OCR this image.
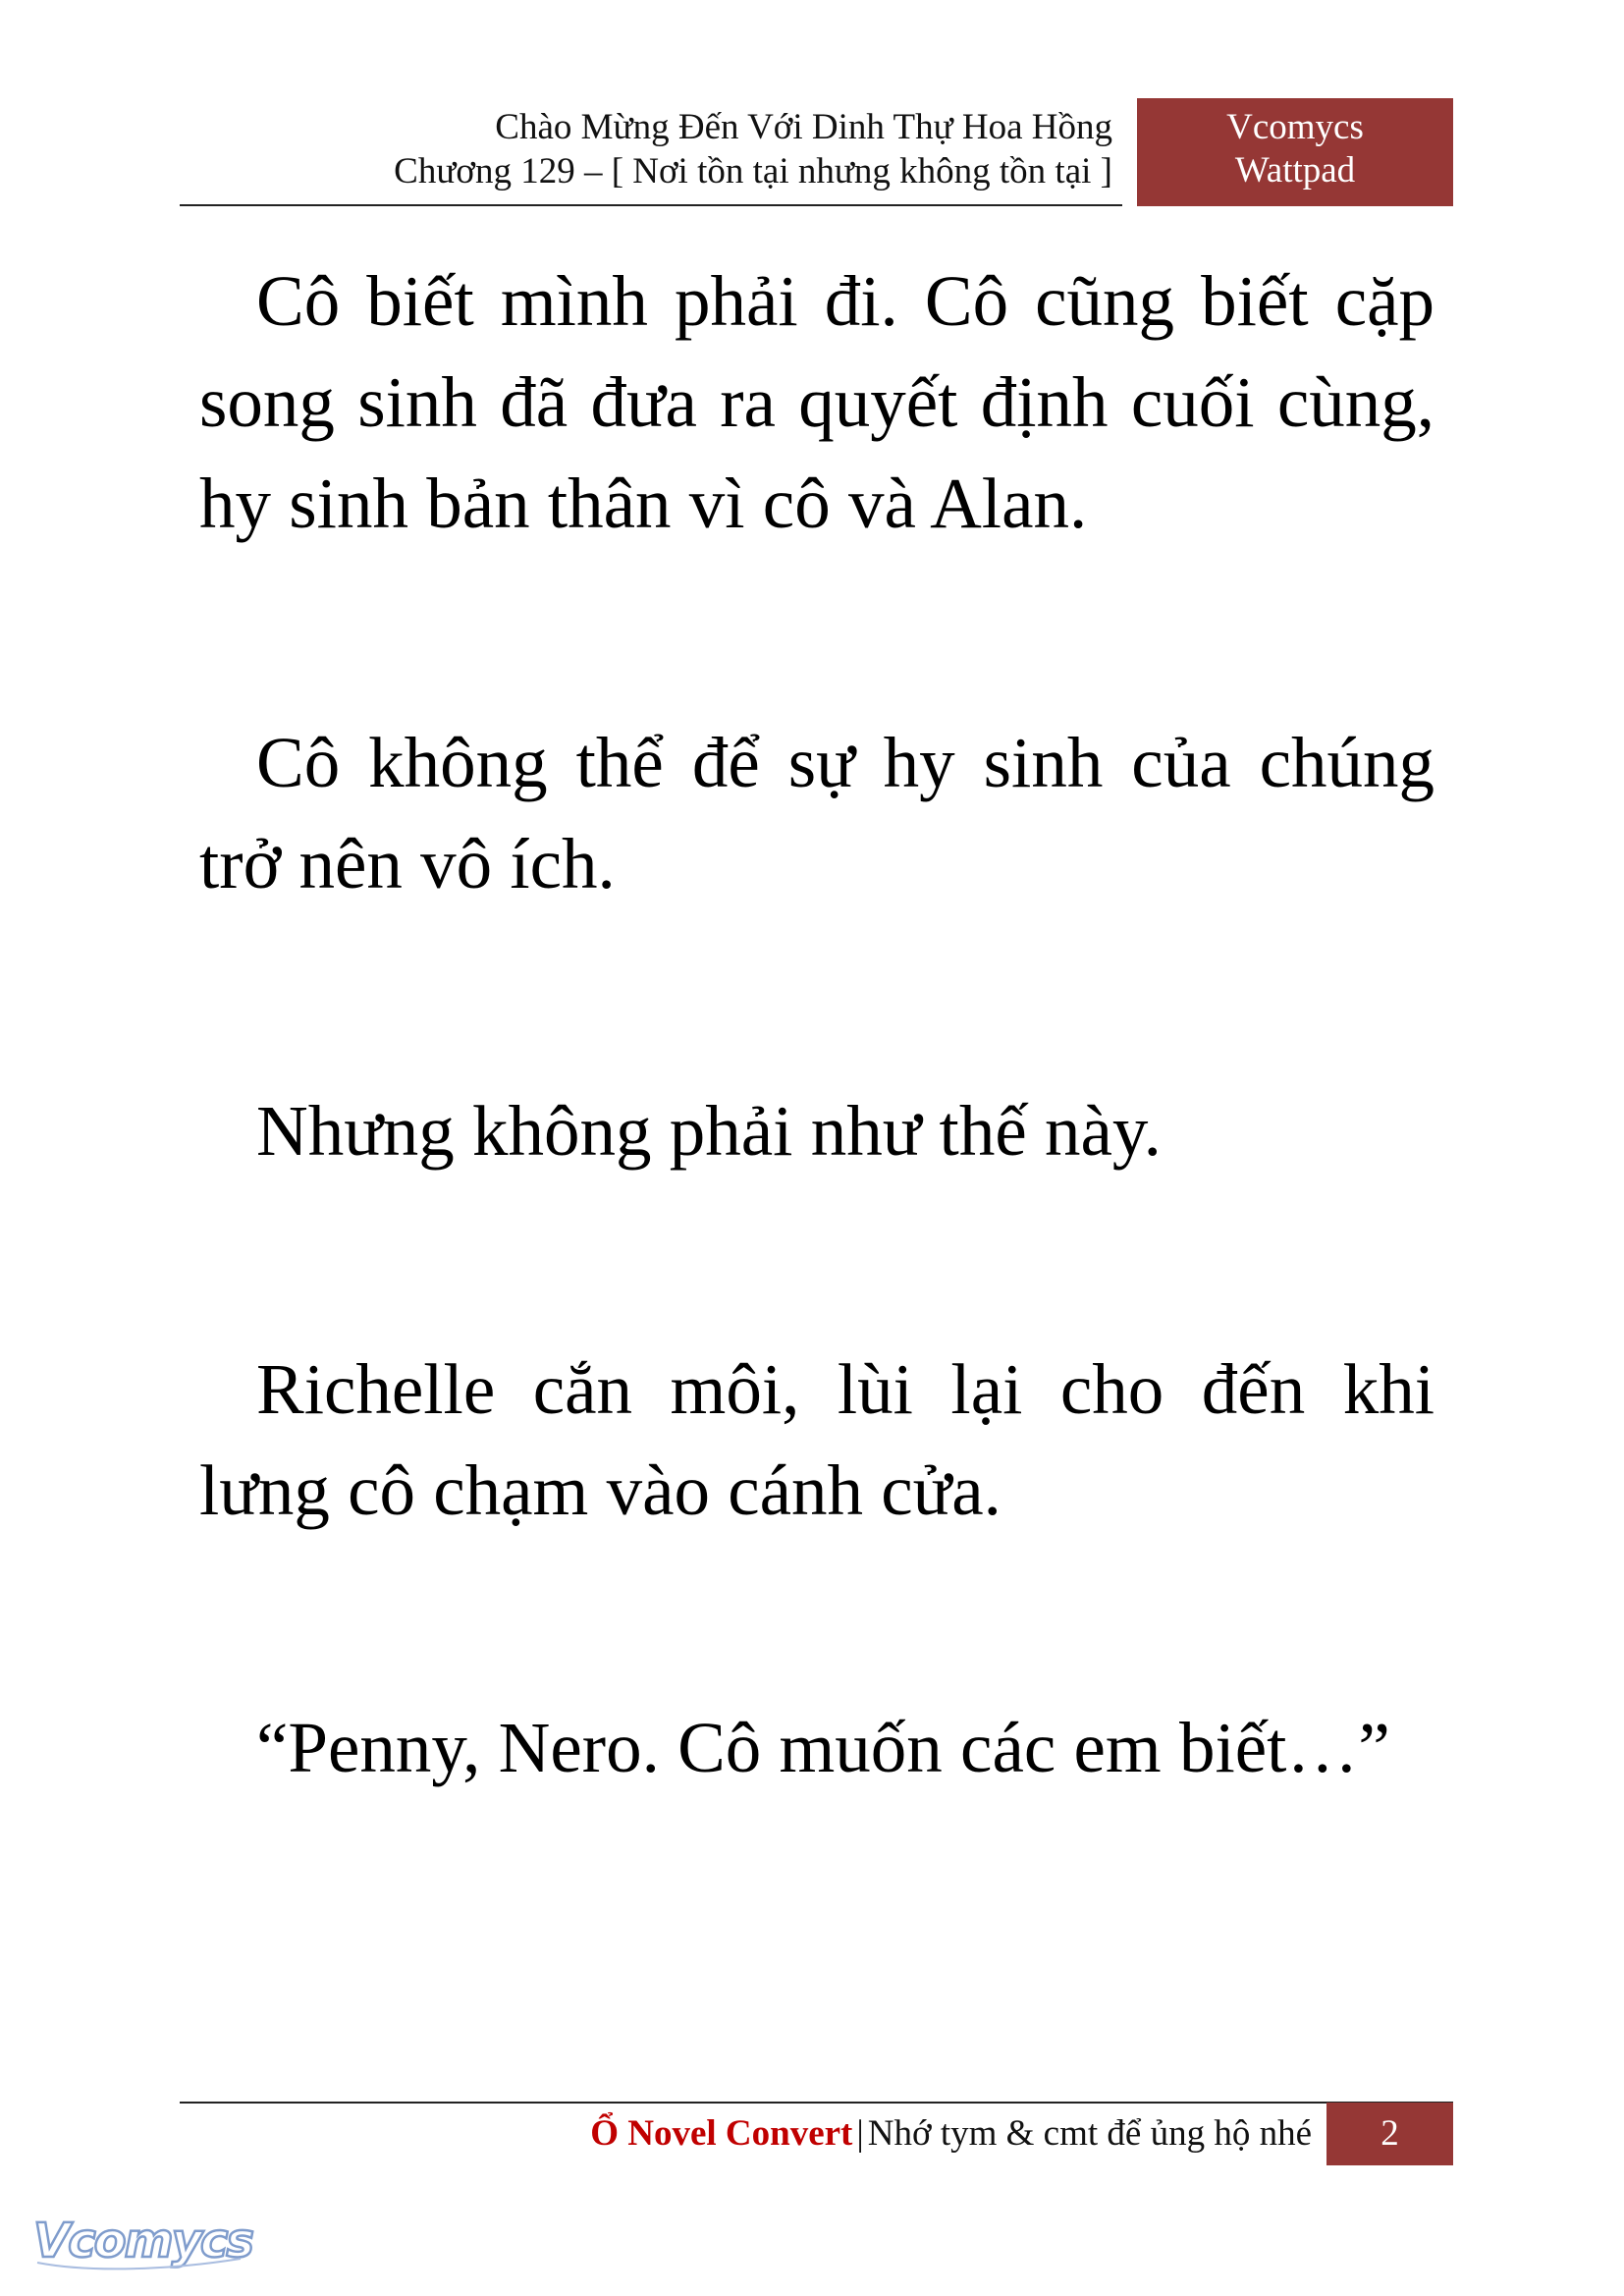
Chào Mừng Đến Với Dinh Thự Hoa Hồng
Chương 129 – [ Nơi tồn tại nhưng không tồn tại ]
Vcomycs
Wattpad

Cô biết mình phải đi. Cô cũng biết cặp song sinh đã đưa ra quyết định cuối cùng, hy sinh bản thân vì cô và Alan.

Cô không thể để sự hy sinh của chúng trở nên vô ích.

Nhưng không phải như thế này.

Richelle cắn môi, lùi lại cho đến khi lưng cô chạm vào cánh cửa.

“Penny, Nero. Cô muốn các em biết…”

Ổ Novel Convert | Nhớ tym & cmt để ủng hộ nhé	2
Vcomycs
